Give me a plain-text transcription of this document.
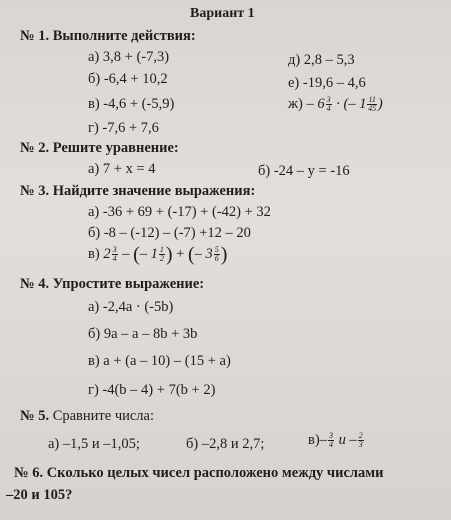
Вариант 1
№ 1. Выполните действия:
а) 3,8 + (-7,3)
б) -6,4 + 10,2
в) -4,6 + (-5,9)
г) -7,6 + 7,6
д) 2,8 – 5,3
е) -19,6 – 4,6
$ж) - 6 \frac{3}{4}$ · (– $1 \frac{11}{45}$ )
№ 2. Решите уравнение:
а) 7 + x = 4	б) -24 – y = -16
№ 3. Найдите значение выражения:
а) -36 + 69 + (-17) + (-42) + 32
б) -8 – (-12) – (-7) +12 – 20
в) $2 \frac{3}{4}$ – (– $1 \frac{1}{2}$ ) + (– $3 \frac{5}{6}$ )
№ 4. Упростите выражение:
а) -2,4a · (-5b)
б) 9a – a – 8b + 3b
в) a + (a – 10) – (15 + a)
г) -4(b – 4) + 7(b + 2)
№ 5. Сравните числа:
а) –1,5 и –1,05;	б) –2,8 и 2,7;	$в)- \frac{3}{4}$ и – $\frac{2}{3}$
№ 6. Сколько целых чисел расположено между числами
–20 и 105?
